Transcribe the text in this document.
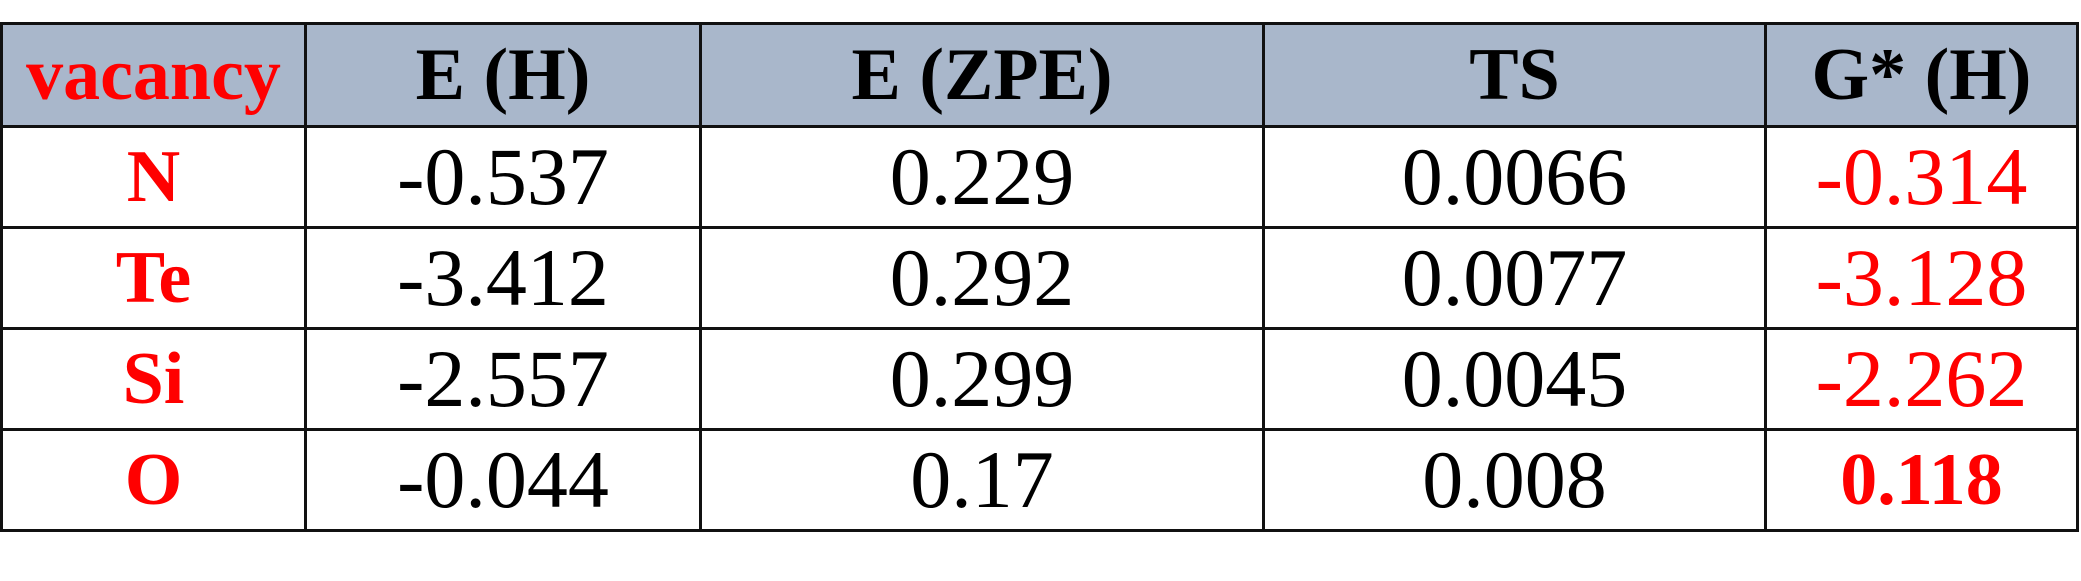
vacancy	E (H)	E (ZPE)	TS	G* (H)
N	-0.537	0.229	0.0066	-0.314
Te	-3.412	0.292	0.0077	-3.128
Si	-2.557	0.299	0.0045	-2.262
O	-0.044	0.17	0.008	0.118
